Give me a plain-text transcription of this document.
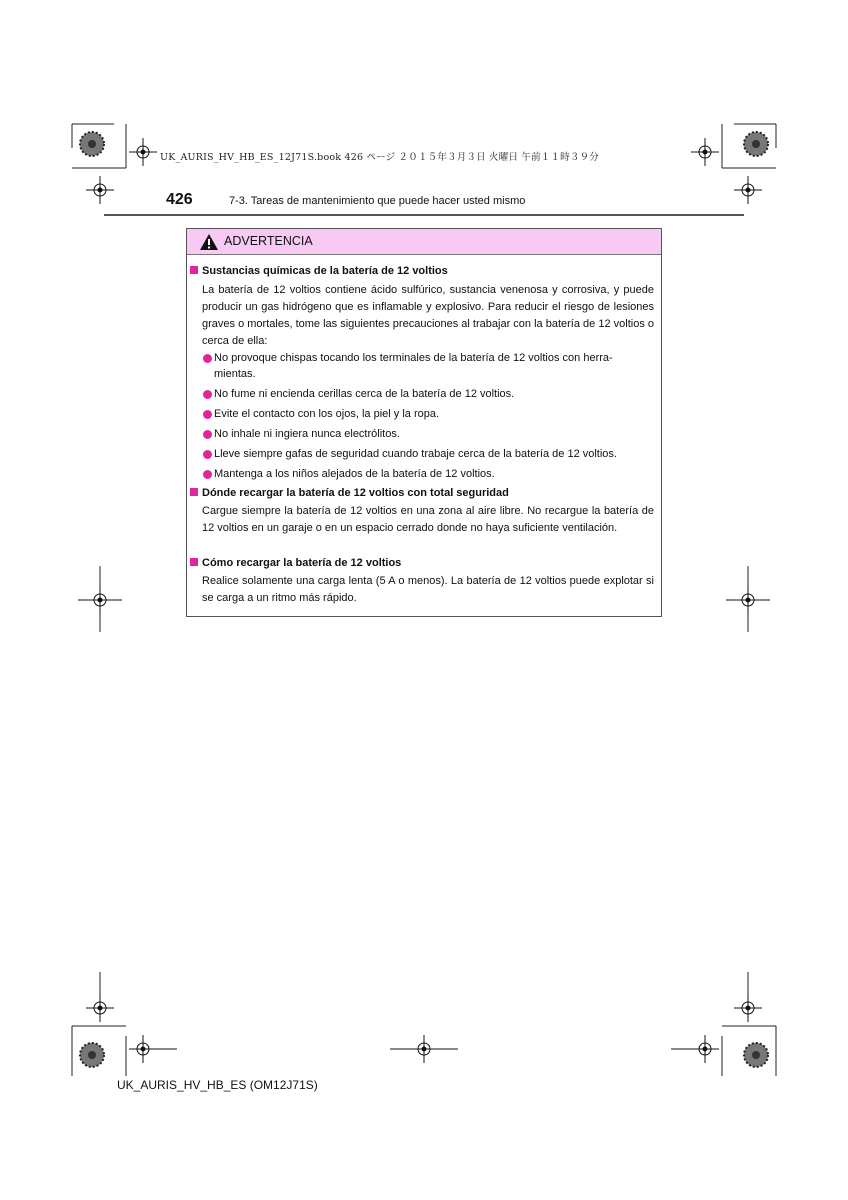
UK_AURIS_HV_HB_ES_12J71S.book 426 ページ ２０１５年３月３日 火曜日 午前１１時３９分
426	7-3. Tareas de mantenimiento que puede hacer usted mismo
ADVERTENCIA
Sustancias químicas de la batería de 12 voltios
La batería de 12 voltios contiene ácido sulfúrico, sustancia venenosa y corrosiva, y puede producir un gas hidrógeno que es inflamable y explosivo. Para reducir el riesgo de lesiones graves o mortales, tome las siguientes precauciones al trabajar con la batería de 12 voltios o cerca de ella:
No provoque chispas tocando los terminales de la batería de 12 voltios con herra-mientas.
No fume ni encienda cerillas cerca de la batería de 12 voltios.
Evite el contacto con los ojos, la piel y la ropa.
No inhale ni ingiera nunca electrólitos.
Lleve siempre gafas de seguridad cuando trabaje cerca de la batería de 12 voltios.
Mantenga a los niños alejados de la batería de 12 voltios.
Dónde recargar la batería de 12 voltios con total seguridad
Cargue siempre la batería de 12 voltios en una zona al aire libre. No recargue la batería de 12 voltios en un garaje o en un espacio cerrado donde no haya suficiente ventilación.
Cómo recargar la batería de 12 voltios
Realice solamente una carga lenta (5 A o menos). La batería de 12 voltios puede explotar si se carga a un ritmo más rápido.
UK_AURIS_HV_HB_ES (OM12J71S)
